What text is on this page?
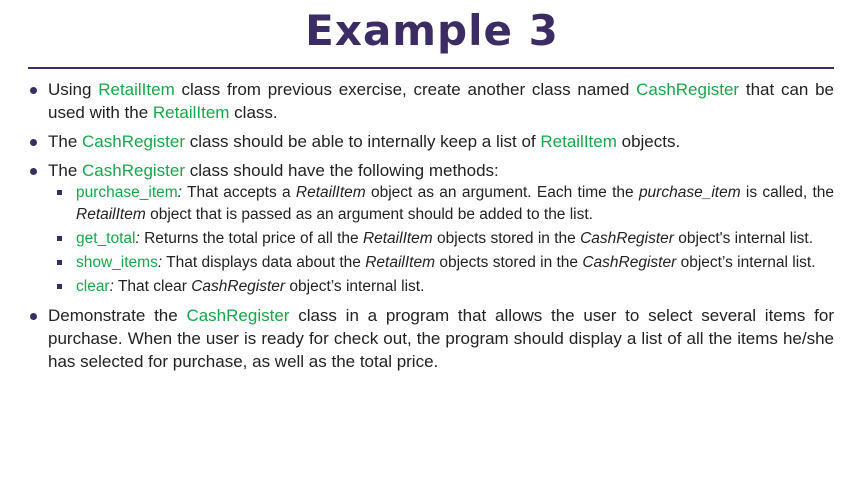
Example 3
Using RetailItem class from previous exercise, create another class named CashRegister that can be used with the RetailItem class.
The CashRegister class should be able to internally keep a list of RetailItem objects.
The CashRegister class should have the following methods:
purchase_item: That accepts a RetailItem object as an argument. Each time the purchase_item is called, the RetailItem object that is passed as an argument should be added to the list.
get_total: Returns the total price of all the RetailItem objects stored in the CashRegister object's internal list.
show_items: That displays data about the RetailItem objects stored in the CashRegister object’s internal list.
clear: That clear CashRegister object’s internal list.
Demonstrate the CashRegister class in a program that allows the user to select several items for purchase. When the user is ready for check out, the program should display a list of all the items he/she has selected for purchase, as well as the total price.
